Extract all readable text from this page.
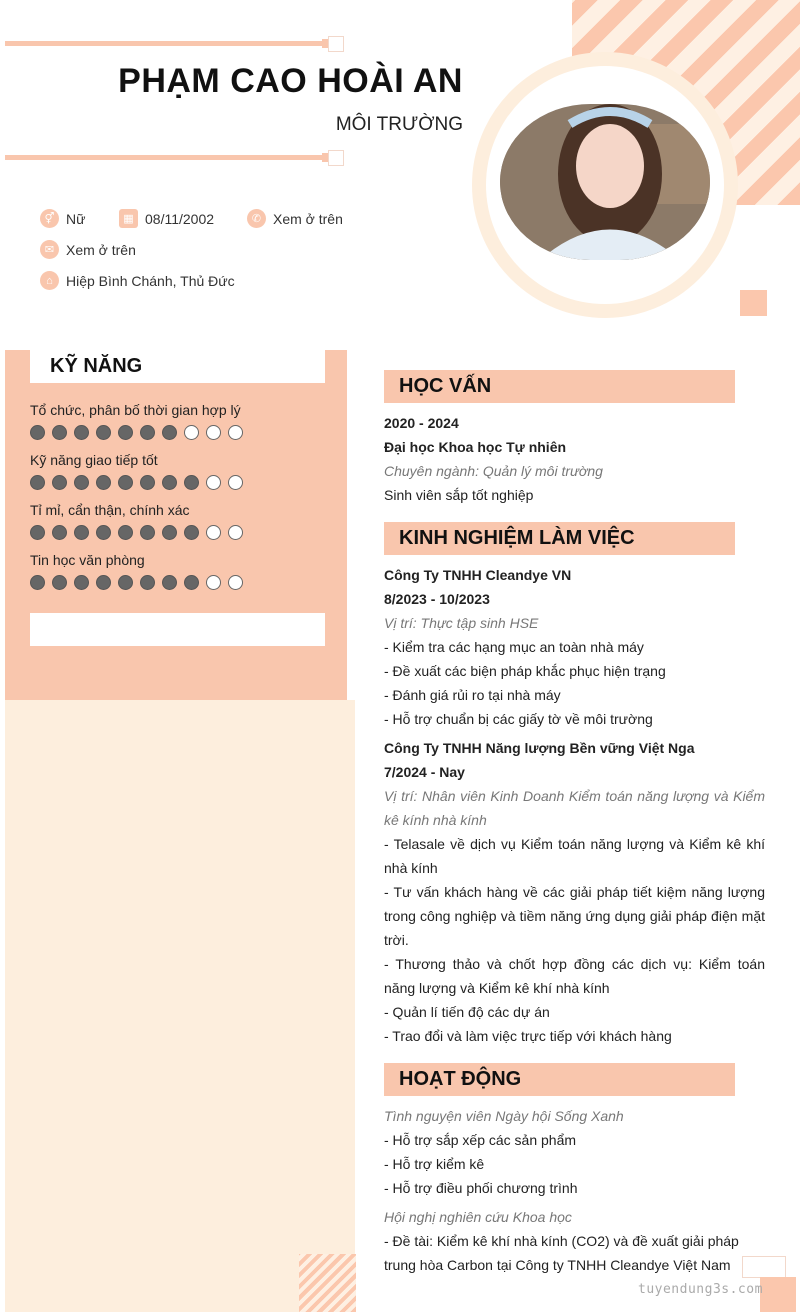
PHẠM CAO HOÀI AN
MÔI TRƯỜNG
⚥ Nữ	▦ 08/11/2002	✆ Xem ở trên
✉ Xem ở trên
⌂ Hiệp Bình Chánh, Thủ Đức
KỸ NĂNG
Tổ chức, phân bố thời gian hợp lý
Kỹ năng giao tiếp tốt
Tỉ mỉ, cẩn thận, chính xác
Tin học văn phòng
HỌC VẤN
2020 - 2024
Đại học Khoa học Tự nhiên
Chuyên ngành: Quản lý môi trường
Sinh viên sắp tốt nghiệp
KINH NGHIỆM LÀM VIỆC
Công Ty TNHH Cleandye VN
8/2023 - 10/2023
Vị trí: Thực tập sinh HSE
- Kiểm tra các hạng mục an toàn nhà máy
- Đề xuất các biện pháp khắc phục hiện trạng
- Đánh giá rủi ro tại nhà máy
- Hỗ trợ chuẩn bị các giấy tờ về môi trường
Công Ty TNHH Năng lượng Bền vững Việt Nga
7/2024 - Nay
Vị trí: Nhân viên Kinh Doanh Kiểm toán năng lượng và Kiểm kê kính nhà kính
- Telasale về dịch vụ Kiểm toán năng lượng và Kiểm kê khí nhà kính
- Tư vấn khách hàng về các giải pháp tiết kiệm năng lượng trong công nghiệp và tiềm năng ứng dụng giải pháp điện mặt trời.
- Thương thảo và chốt hợp đồng các dịch vụ: Kiểm toán năng lượng và Kiểm kê khí nhà kính
- Quản lí tiến độ các dự án
- Trao đổi và làm việc trực tiếp với khách hàng
HOẠT ĐỘNG
Tình nguyện viên Ngày hội Sống Xanh
- Hỗ trợ sắp xếp các sản phẩm
- Hỗ trợ kiểm kê
- Hỗ trợ điều phối chương trình
Hội nghị nghiên cứu Khoa học
- Đề tài: Kiểm kê khí nhà kính (CO2) và đề xuất giải pháp trung hòa Carbon tại Công ty TNHH Cleandye Việt Nam
tuyendung3s.com
